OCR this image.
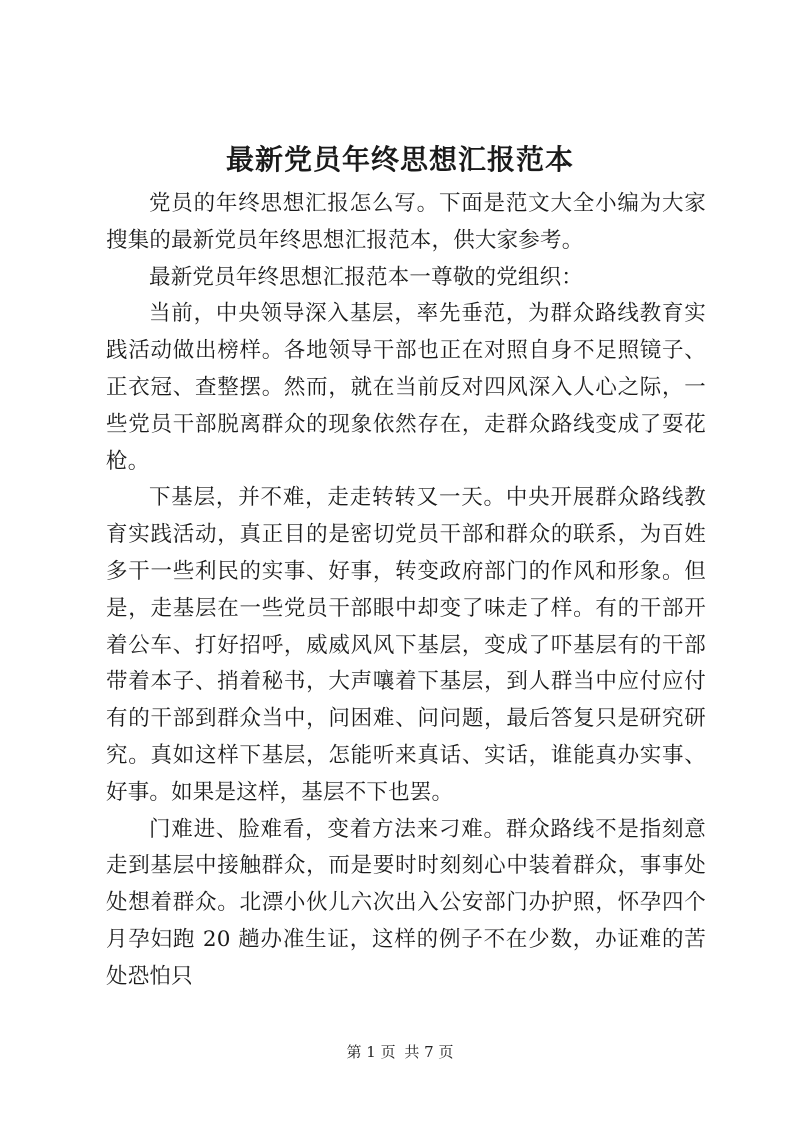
最新党员年终思想汇报范本

党员的年终思想汇报怎么写。下面是范文大全小编为大家搜集的最新党员年终思想汇报范本，供大家参考。

最新党员年终思想汇报范本一尊敬的党组织：

当前，中央领导深入基层，率先垂范，为群众路线教育实践活动做出榜样。各地领导干部也正在对照自身不足照镜子、正衣冠、查整摆。然而，就在当前反对四风深入人心之际，一些党员干部脱离群众的现象依然存在，走群众路线变成了耍花枪。

下基层，并不难，走走转转又一天。中央开展群众路线教育实践活动，真正目的是密切党员干部和群众的联系，为百姓多干一些利民的实事、好事，转变政府部门的作风和形象。但是，走基层在一些党员干部眼中却变了味走了样。有的干部开着公车、打好招呼，威威风风下基层，变成了吓基层有的干部带着本子、捎着秘书，大声嚷着下基层，到人群当中应付应付有的干部到群众当中，问困难、问问题，最后答复只是研究研究。真如这样下基层，怎能听来真话、实话，谁能真办实事、好事。如果是这样，基层不下也罢。

门难进、脸难看，变着方法来刁难。群众路线不是指刻意走到基层中接触群众，而是要时时刻刻心中装着群众，事事处处想着群众。北漂小伙儿六次出入公安部门办护照，怀孕四个月孕妇跑 20 趟办准生证，这样的例子不在少数，办证难的苦处恐怕只

第 1 页 共 7 页
